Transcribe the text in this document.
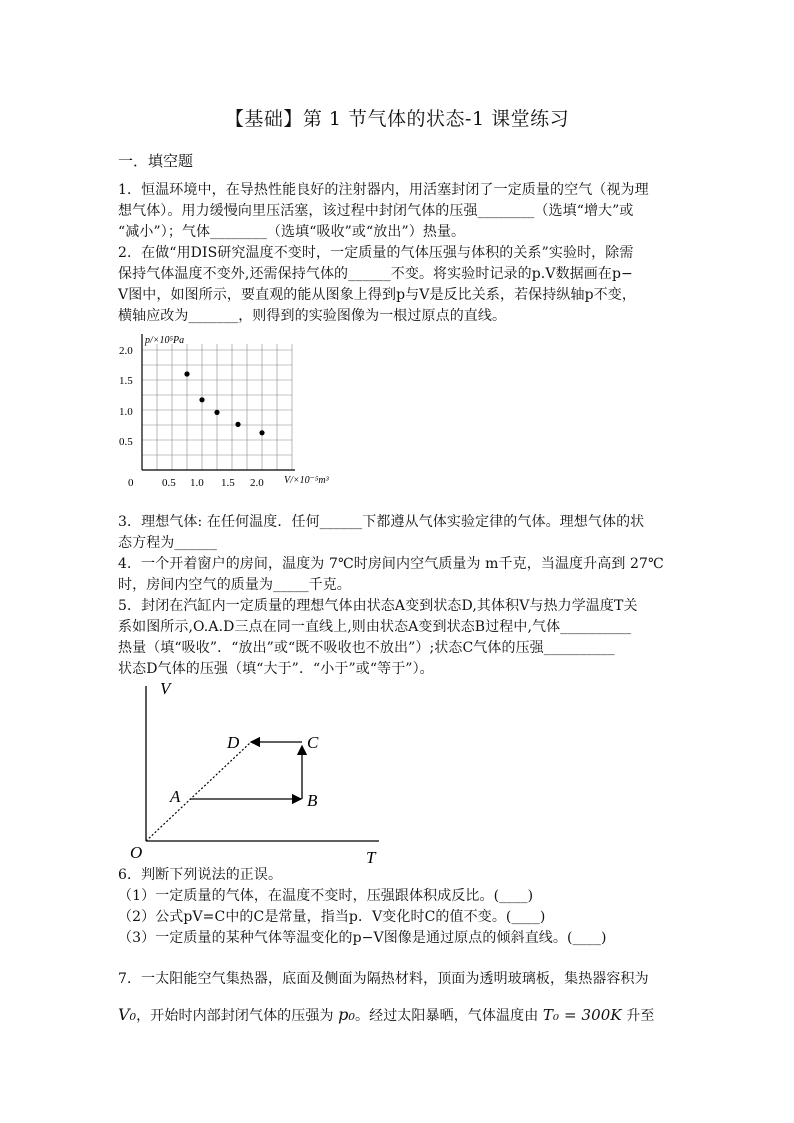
【基础】第 1 节气体的状态-1 课堂练习
一．填空题

1．恒温环境中，在导热性能良好的注射器内，用活塞封闭了一定质量的空气（视为理

想气体）。用力缓慢向里压活塞，该过程中封闭气体的压强________（选填“增大”或

“减小”）；气体________（选填“吸收”或“放出”）热量。

2．在做“用DIS研究温度不变时，一定质量的气体压强与体积的关系”实验时，除需

保持气体温度不变外,还需保持气体的______不变。将实验时记录的p.V数据画在p−

V图中，如图所示，要直观的能从图象上得到p与V是反比关系，若保持纵轴p不变，

横轴应改为_______，则得到的实验图像为一根过原点的直线。

p/×10⁵Pa
V/×10⁻⁵m³
0
2.0
1.5
1.0
0.5
0.5 1.0 1.5 2.0

3．理想气体: 在任何温度．任何______下都遵从气体实验定律的气体。理想气体的状

态方程为______

4．一个开着窗户的房间，温度为 7℃时房间内空气质量为 m千克，当温度升高到 27℃

时，房间内空气的质量为_____千克。

5．封闭在汽缸内一定质量的理想气体由状态A变到状态D,其体积V与热力学温度T关

系如图所示,O.A.D三点在同一直线上,则由状态A变到状态B过程中,气体__________

热量（填“吸收”．“放出”或“既不吸收也不放出”）;状态C气体的压强__________

状态D气体的压强（填“大于”．“小于”或“等于”）。

V
T
O
A	B
C
D

6．判断下列说法的正误。

（1）一定质量的气体，在温度不变时，压强跟体积成反比。(____)

（2）公式pV=C中的C是常量，指当p．V变化时C的值不变。(____)

（3）一定质量的某种气体等温变化的p−V图像是通过原点的倾斜直线。(____)

7．一太阳能空气集热器，底面及侧面为隔热材料，顶面为透明玻璃板，集热器容积为

V₀，开始时内部封闭气体的压强为 p₀。经过太阳暴晒，气体温度由 T₀ = 300K 升至
